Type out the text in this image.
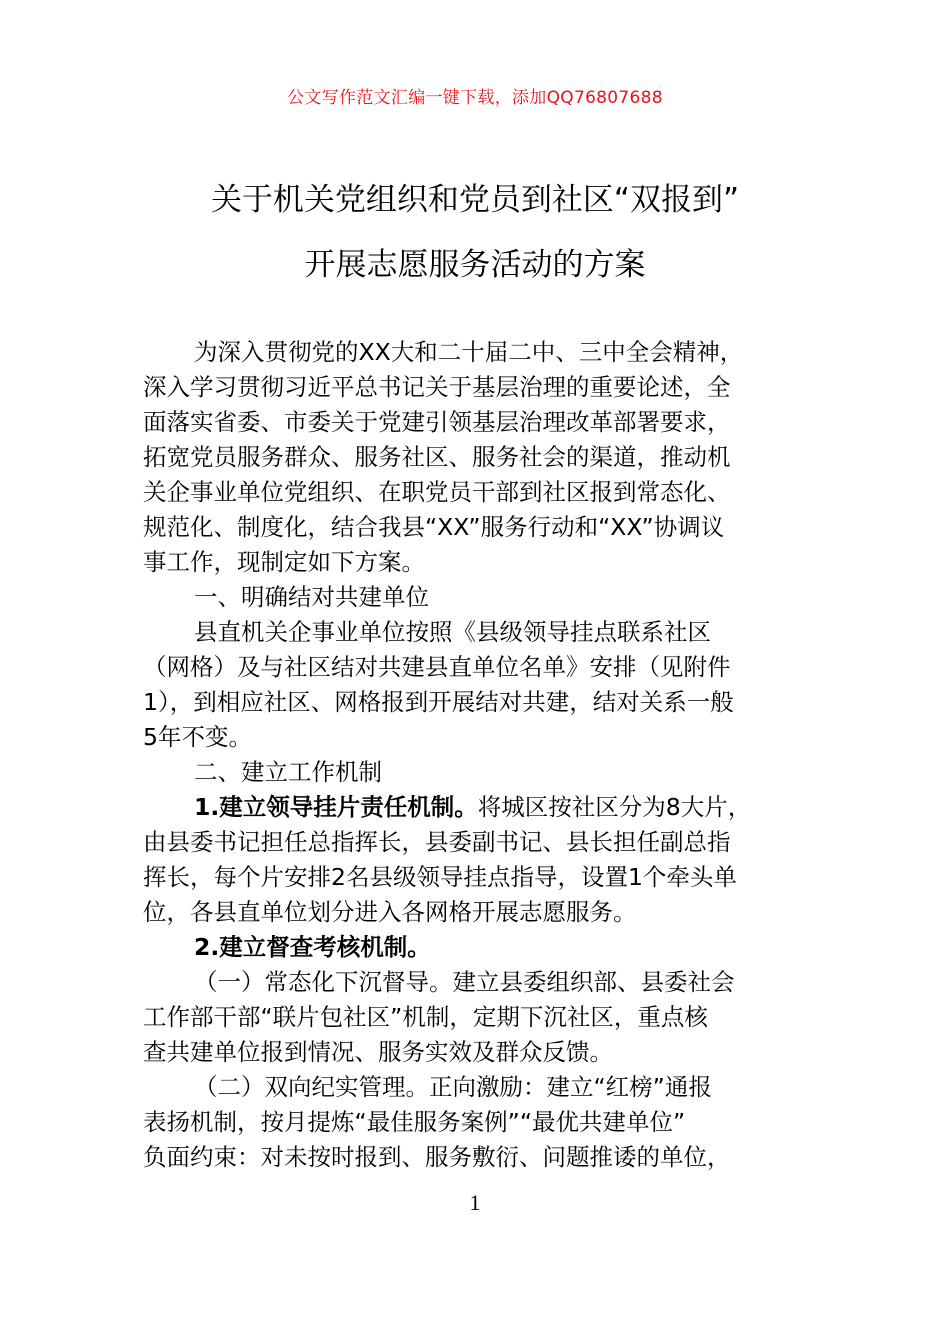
公文写作范文汇编一键下载，添加QQ76807688
关于机关党组织和党员到社区“双报到”
开展志愿服务活动的方案
为深入贯彻党的XX大和二十届二中、三中全会精神，
深入学习贯彻习近平总书记关于基层治理的重要论述，全
面落实省委、市委关于党建引领基层治理改革部署要求，
拓宽党员服务群众、服务社区、服务社会的渠道，推动机
关企事业单位党组织、在职党员干部到社区报到常态化、
规范化、制度化，结合我县“XX”服务行动和“XX”协调议
事工作，现制定如下方案。
一、明确结对共建单位
县直机关企事业单位按照《县级领导挂点联系社区
（网格）及与社区结对共建县直单位名单》安排（见附件
1），到相应社区、网格报到开展结对共建，结对关系一般
5年不变。
二、建立工作机制
1.建立领导挂片责任机制。将城区按社区分为8大片，
由县委书记担任总指挥长，县委副书记、县长担任副总指
挥长，每个片安排2名县级领导挂点指导，设置1个牵头单
位，各县直单位划分进入各网格开展志愿服务。
2.建立督查考核机制。
（一）常态化下沉督导。建立县委组织部、县委社会
工作部干部“联片包社区”机制，定期下沉社区，重点核
查共建单位报到情况、服务实效及群众反馈。
（二）双向纪实管理。正向激励：建立“红榜”通报
表扬机制，按月提炼“最佳服务案例”“最优共建单位”
负面约束：对未按时报到、服务敷衍、问题推诿的单位，
1
